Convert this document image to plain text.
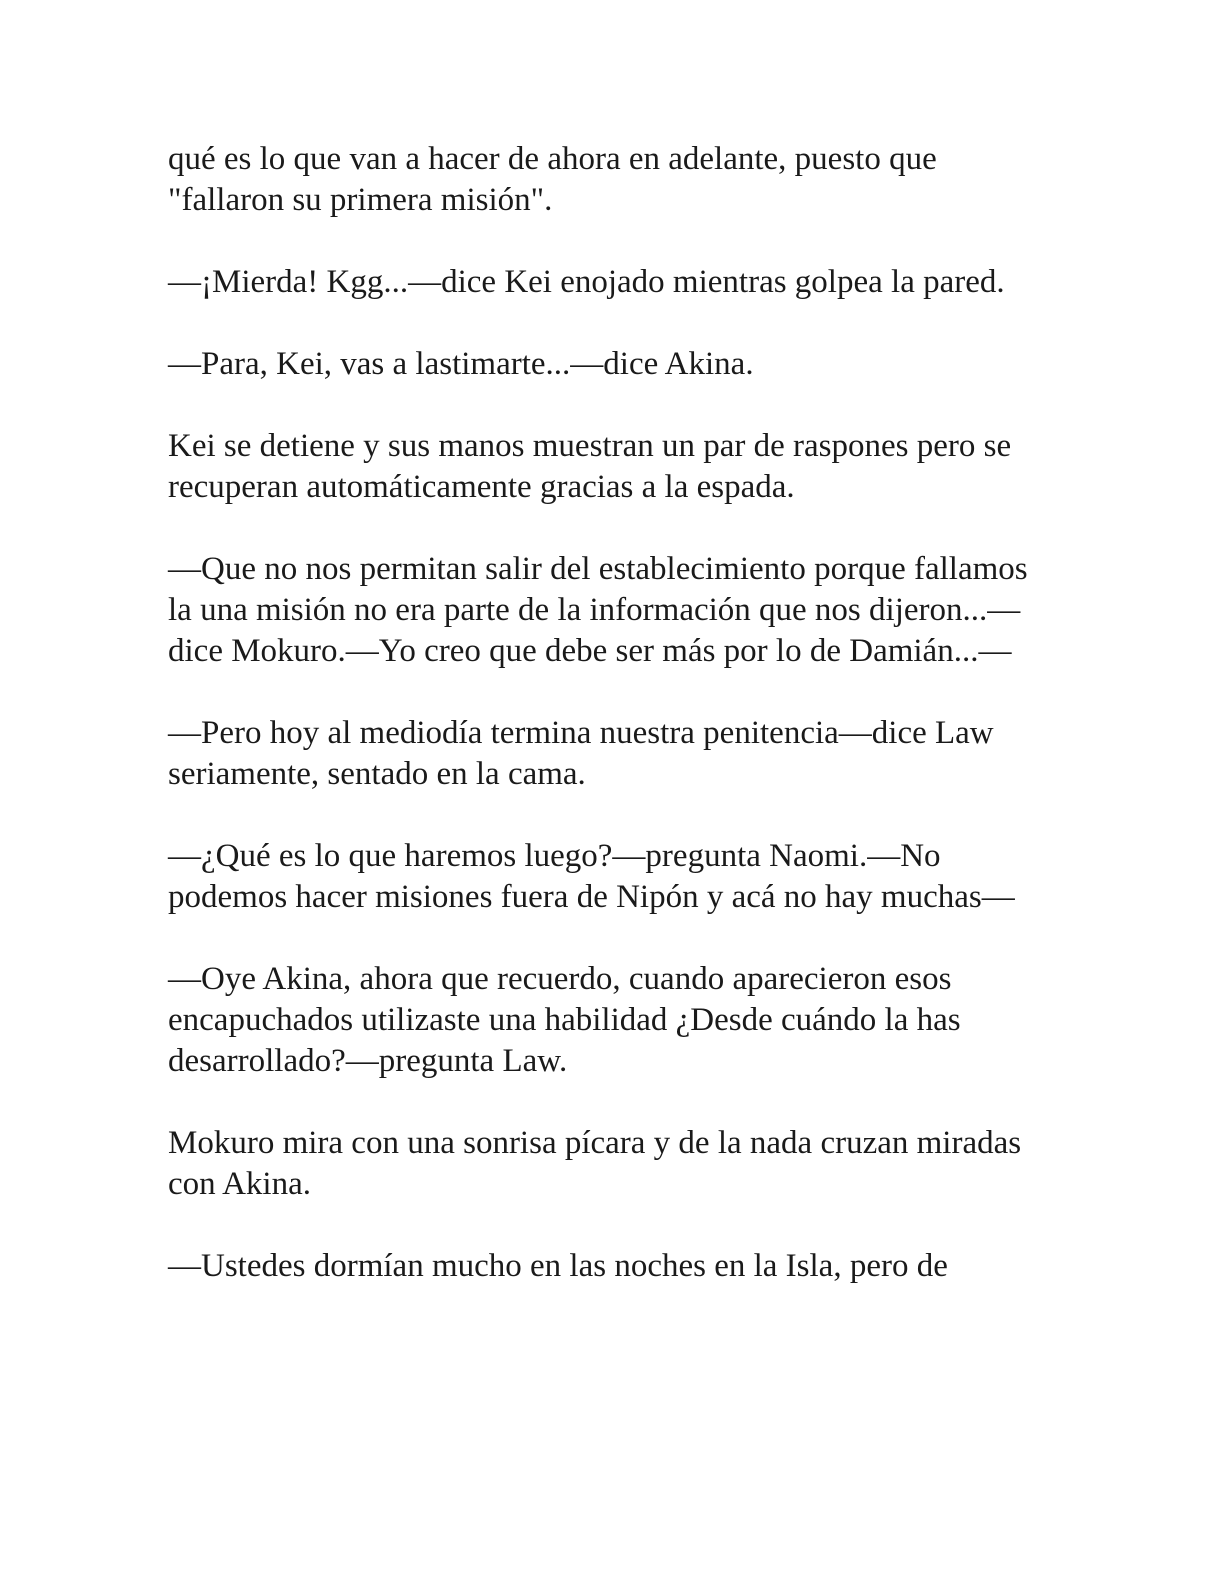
qué es lo que van a hacer de ahora en adelante, puesto que "fallaron su primera misión".

—¡Mierda! Kgg...—dice Kei enojado mientras golpea la pared.

—Para, Kei, vas a lastimarte...—dice Akina.

Kei se detiene y sus manos muestran un par de raspones pero se recuperan automáticamente gracias a la espada.

—Que no nos permitan salir del establecimiento porque fallamos la una misión no era parte de la información que nos dijeron...—dice Mokuro.—Yo creo que debe ser más por lo de Damián...—

—Pero hoy al mediodía termina nuestra penitencia—dice Law seriamente, sentado en la cama.

—¿Qué es lo que haremos luego?—pregunta Naomi.—No podemos hacer misiones fuera de Nipón y acá no hay muchas—

—Oye Akina, ahora que recuerdo, cuando aparecieron esos encapuchados utilizaste una habilidad ¿Desde cuándo la has desarrollado?—pregunta Law.

Mokuro mira con una sonrisa pícara y de la nada cruzan miradas con Akina.

—Ustedes dormían mucho en las noches en la Isla, pero de
